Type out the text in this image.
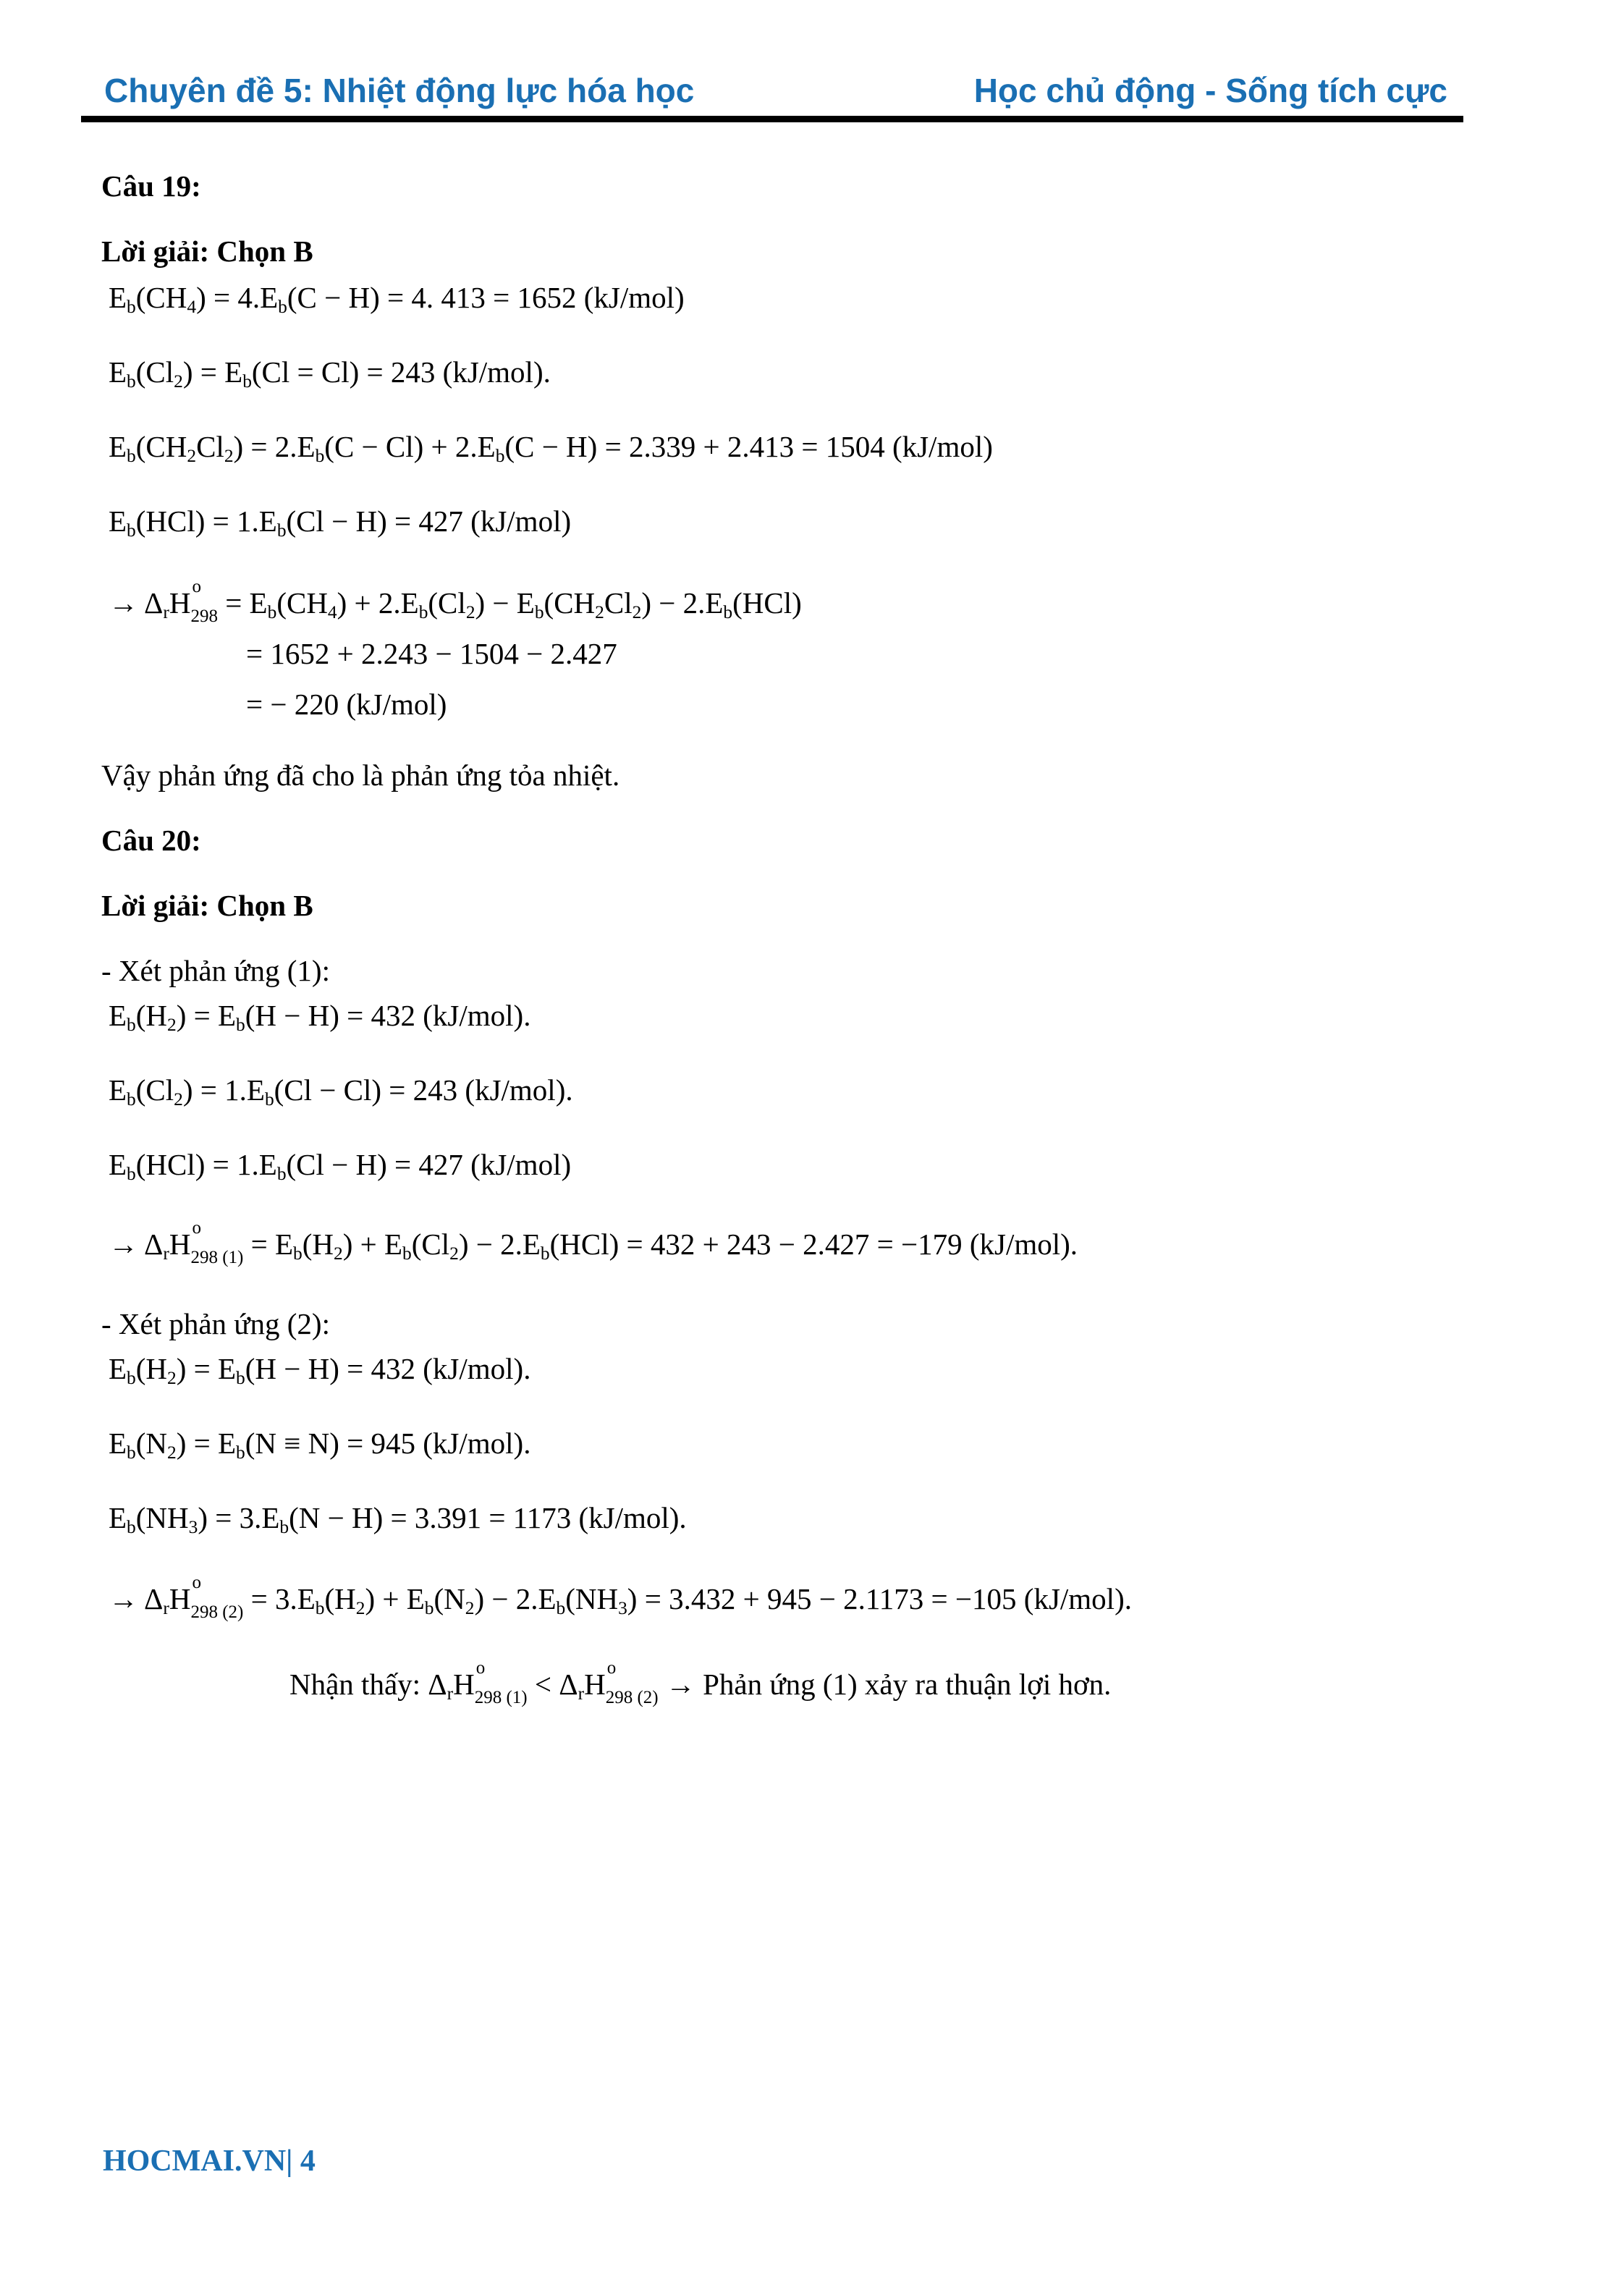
Chuyên đề 5: Nhiệt động lực hóa học	Học chủ động - Sống tích cực
Câu 19:
Lời giải: Chọn B
$E_b(CH_4) = 4.E_b(C - H) = 4$. 413 = 1652 (kJ/mol)
$E_b(Cl_2) = E_b(Cl = Cl) = 243$ (kJ/mol).
$E_b(CH_2Cl_2) = 2.E_b(C - Cl) + 2.E_b(C - H) = 2.339 + 2.413 = 1504$ (kJ/mol)
$E_b(HCl) = 1.E_b(Cl - H) = 427$ (kJ/mol)
→ $\Delta_rH$ o
$298 = E_b(CH_4) + 2.E_b(Cl_2) - E_b(CH_2Cl_2) - 2.E_b(HCl)$
= 1652 + 2.243 − 1504 − 2.427
= − 220 (kJ/mol)
Vậy phản ứng đã cho là phản ứng tỏa nhiệt.
Câu 20:
Lời giải: Chọn B
- Xét phản ứng (1):
$E_b(H_2) = E_b(H - H) = 432$ (kJ/mol).
$E_b(Cl_2) = 1.E_b(Cl - Cl) = 243$ (kJ/mol).
$E_b(HCl) = 1.E_b(Cl - H) = 427$ (kJ/mol)
→ $\Delta_rH$ o
298 $(1) = E_b(H_2) + E_b(Cl_2) - 2.E_b(HCl) = 432 + 243 - 2.427 = -179$ (kJ/mol).
- Xét phản ứng (2):
$E_b(H_2) = E_b(H - H) = 432$ (kJ/mol).
$E_b(N_2) = E_b(N \equiv N) = 945$ (kJ/mol).
$E_b(NH_3) = 3.E_b(N - H) = 3.391 = 1173$ (kJ/mol).
→ $\Delta_rH$ o
298 $(2) = 3.E_b(H_2) + E_b(N_2) - 2.E_b(NH_3) = 3.432 + 945 - 2.1173 = -105$ (kJ/mol).
Nhận thấy: $\Delta_rH$ o
298 $(1) < \Delta_rH$ o
298 (2) → Phản ứng (1) xảy ra thuận lợi hơn.
HOCMAI.VN| 4
